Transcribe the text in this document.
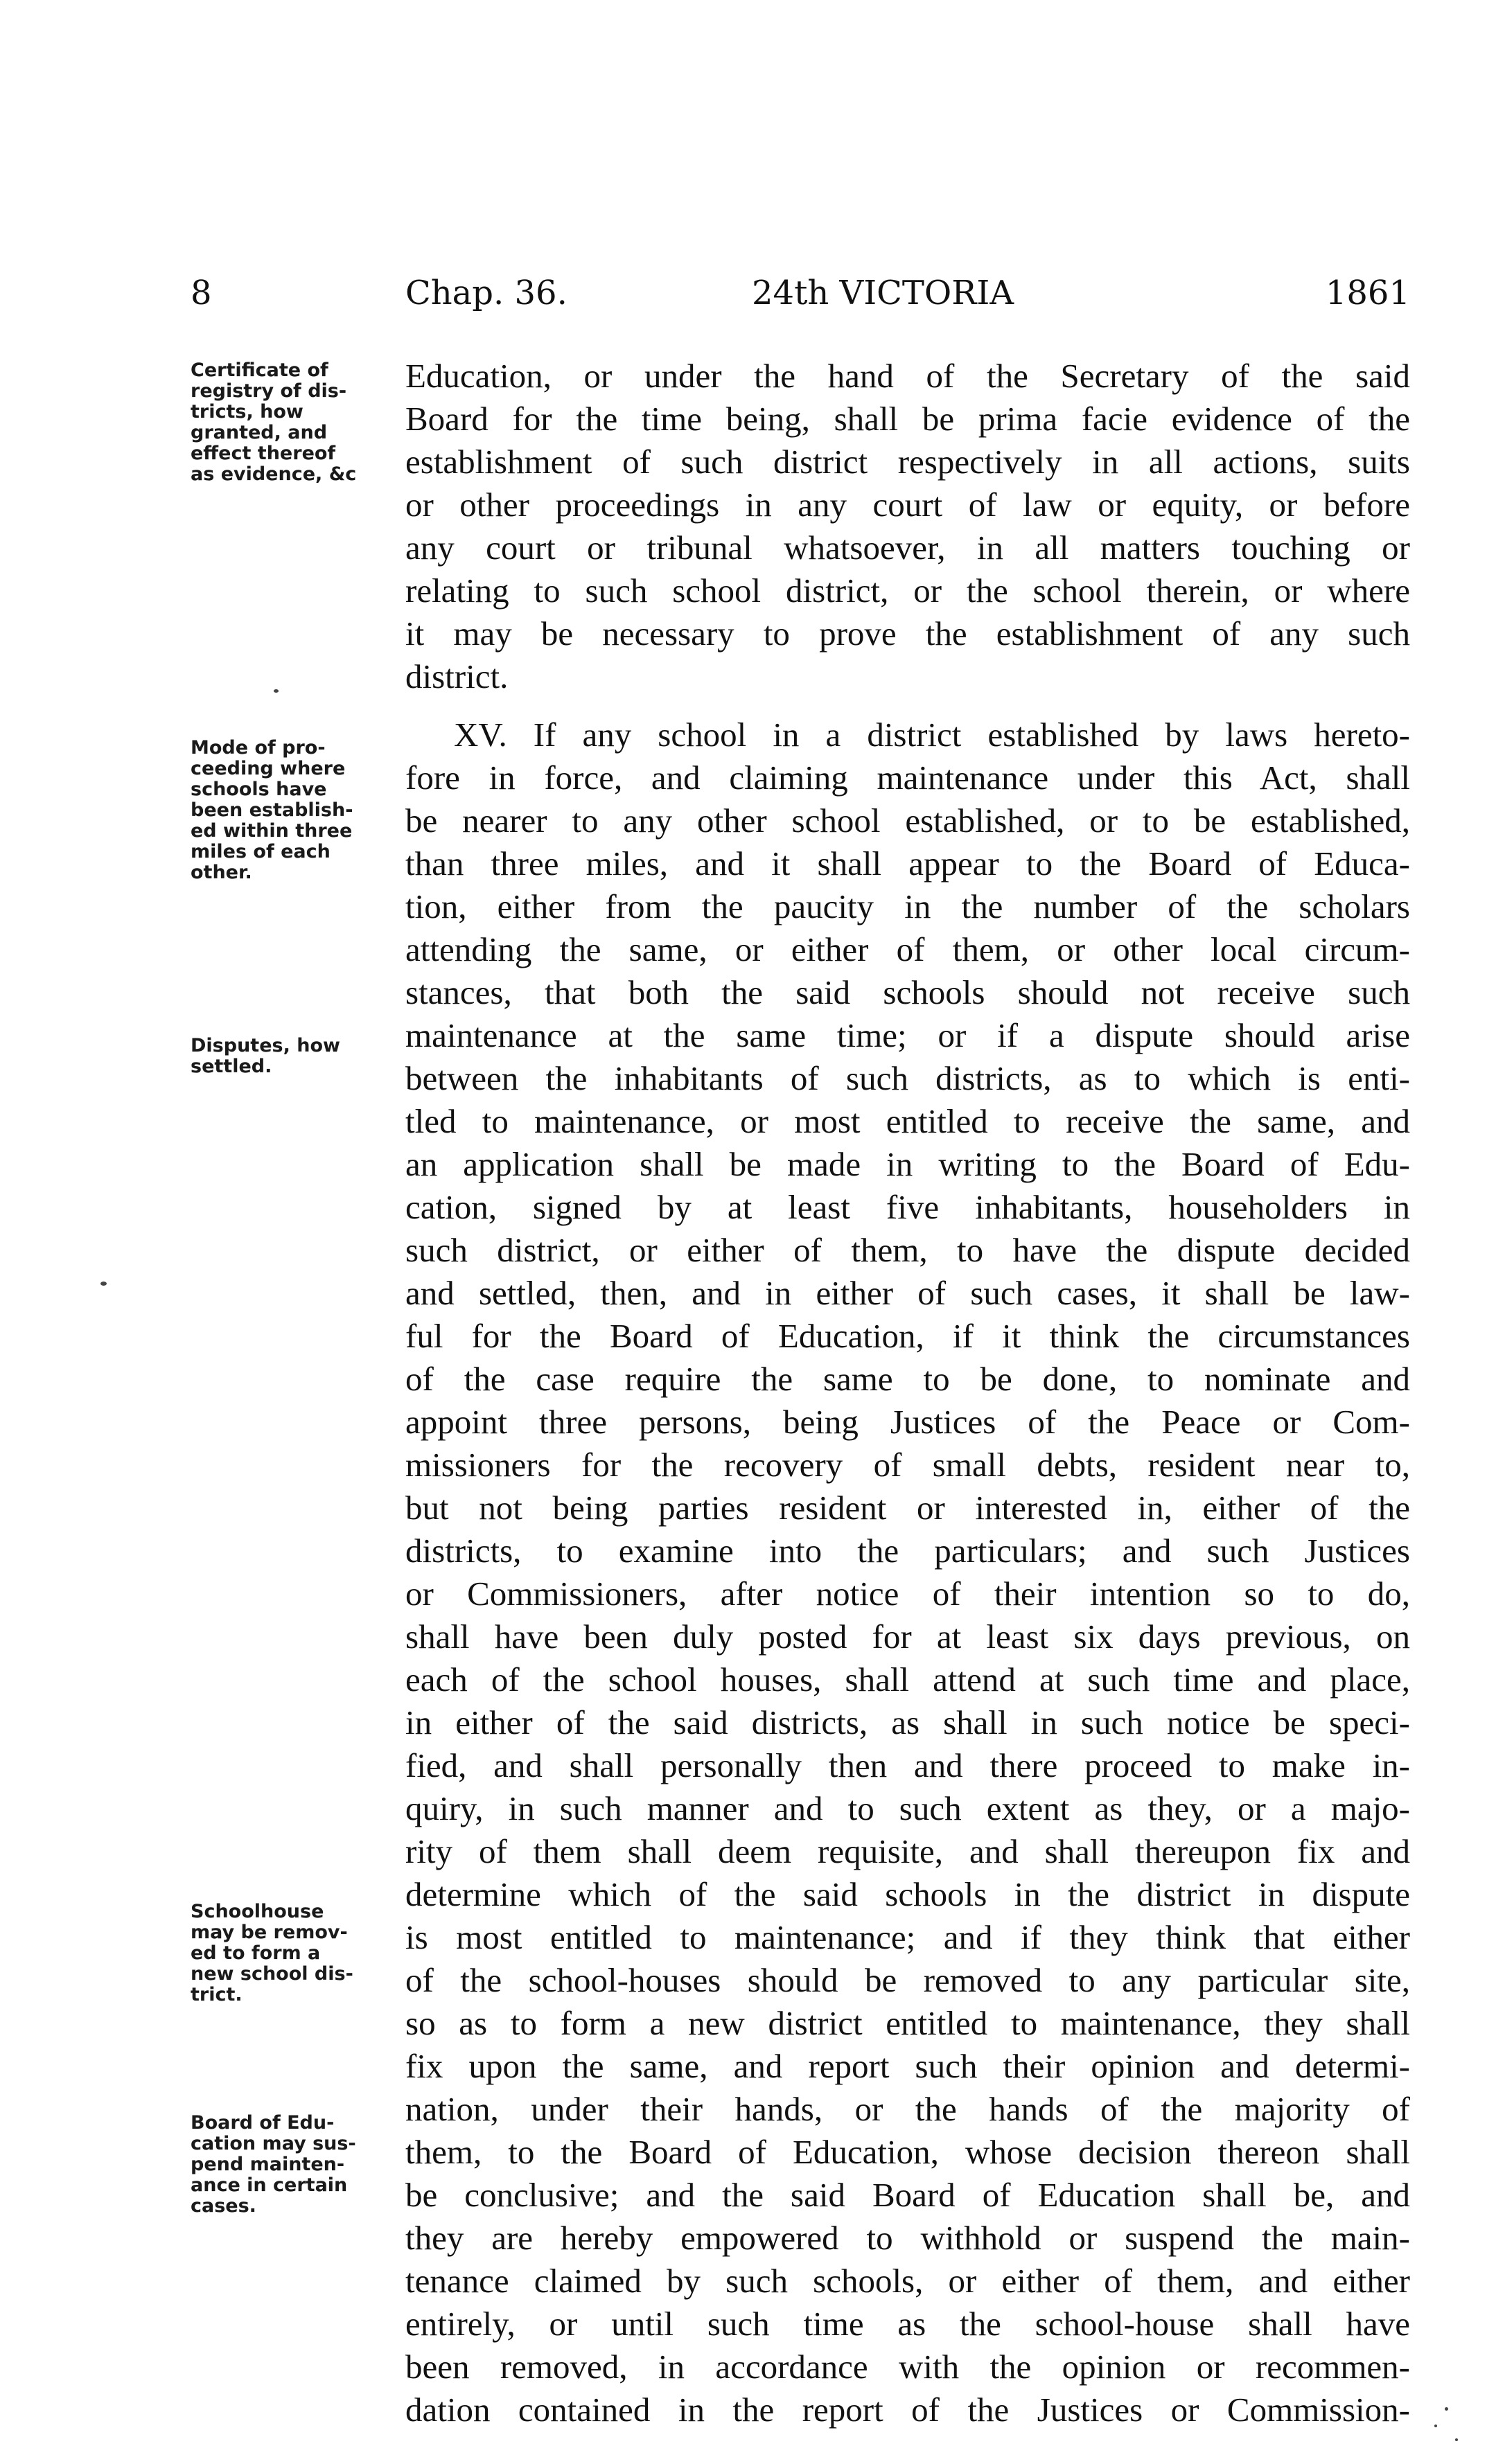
8	Chap. 36.	24th VICTORIA	1861
Certificate of
registry of dis-
tricts, how
granted, and
effect thereof
as evidence, &c
Mode of pro-
ceeding where
schools have
been establish-
ed within three
miles of each
other.
Disputes, how
settled.
Schoolhouse
may be remov-
ed to form a
new school dis-
trict.
Board of Edu-
cation may sus-
pend mainten-
ance in certain
cases.
Education, or under the hand of the Secretary of the said
Board for the time being, shall be prima facie evidence of the
establishment of such district respectively in all actions, suits
or other proceedings in any court of law or equity, or before
any court or tribunal whatsoever, in all matters touching or
relating to such school district, or the school therein, or where
it may be necessary to prove the establishment of any such
district.
XV. If any school in a district established by laws hereto-
fore in force, and claiming maintenance under this Act, shall
be nearer to any other school established, or to be established,
than three miles, and it shall appear to the Board of Educa-
tion, either from the paucity in the number of the scholars
attending the same, or either of them, or other local circum-
stances, that both the said schools should not receive such
maintenance at the same time; or if a dispute should arise
between the inhabitants of such districts, as to which is enti-
tled to maintenance, or most entitled to receive the same, and
an application shall be made in writing to the Board of Edu-
cation, signed by at least five inhabitants, householders in
such district, or either of them, to have the dispute decided
and settled, then, and in either of such cases, it shall be law-
ful for the Board of Education, if it think the circumstances
of the case require the same to be done, to nominate and
appoint three persons, being Justices of the Peace or Com-
missioners for the recovery of small debts, resident near to,
but not being parties resident or interested in, either of the
districts, to examine into the particulars; and such Justices
or Commissioners, after notice of their intention so to do,
shall have been duly posted for at least six days previous, on
each of the school houses, shall attend at such time and place,
in either of the said districts, as shall in such notice be speci-
fied, and shall personally then and there proceed to make in-
quiry, in such manner and to such extent as they, or a majo-
rity of them shall deem requisite, and shall thereupon fix and
determine which of the said schools in the district in dispute
is most entitled to maintenance; and if they think that either
of the school-houses should be removed to any particular site,
so as to form a new district entitled to maintenance, they shall
fix upon the same, and report such their opinion and determi-
nation, under their hands, or the hands of the majority of
them, to the Board of Education, whose decision thereon shall
be conclusive; and the said Board of Education shall be, and
they are hereby empowered to withhold or suspend the main-
tenance claimed by such schools, or either of them, and either
entirely, or until such time as the school-house shall have
been removed, in accordance with the opinion or recommen-
dation contained in the report of the Justices or Commission-
